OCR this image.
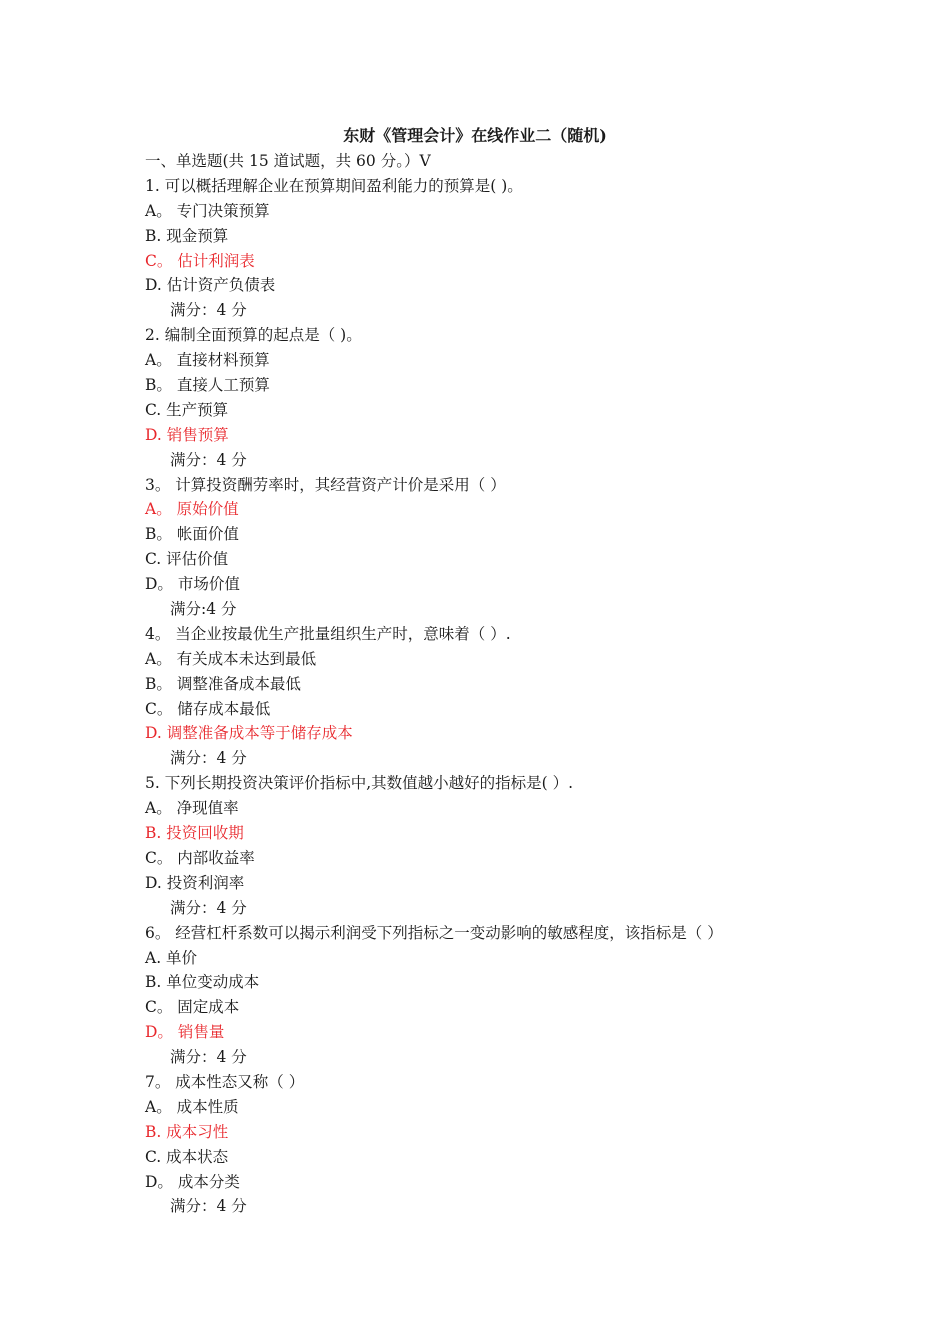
东财《管理会计》在线作业二（随机)
一、单选题(共 15 道试题，共 60 分。）V
1. 可以概括理解企业在预算期间盈利能力的预算是( )。
A。 专门决策预算
B. 现金预算
C。 估计利润表
D. 估计资产负债表
满分：4 分
2. 编制全面预算的起点是（ )。
A。 直接材料预算
B。 直接人工预算
C. 生产预算
D. 销售预算
满分：4 分
3。 计算投资酬劳率时，其经营资产计价是采用（ ）
A。 原始价值
B。 帐面价值
C. 评估价值
D。 市场价值
满分:4 分
4。 当企业按最优生产批量组织生产时，意味着（ ）.
A。 有关成本未达到最低
B。 调整准备成本最低
C。 储存成本最低
D. 调整准备成本等于储存成本
满分：4 分
5. 下列长期投资决策评价指标中,其数值越小越好的指标是( ）.
A。 净现值率
B. 投资回收期
C。 内部收益率
D. 投资利润率
满分：4 分
6。 经营杠杆系数可以揭示利润受下列指标之一变动影响的敏感程度，该指标是（ ）
A. 单价
B. 单位变动成本
C。 固定成本
D。 销售量
满分：4 分
7。 成本性态又称（ ）
A。 成本性质
B. 成本习性
C. 成本状态
D。 成本分类
满分：4 分
